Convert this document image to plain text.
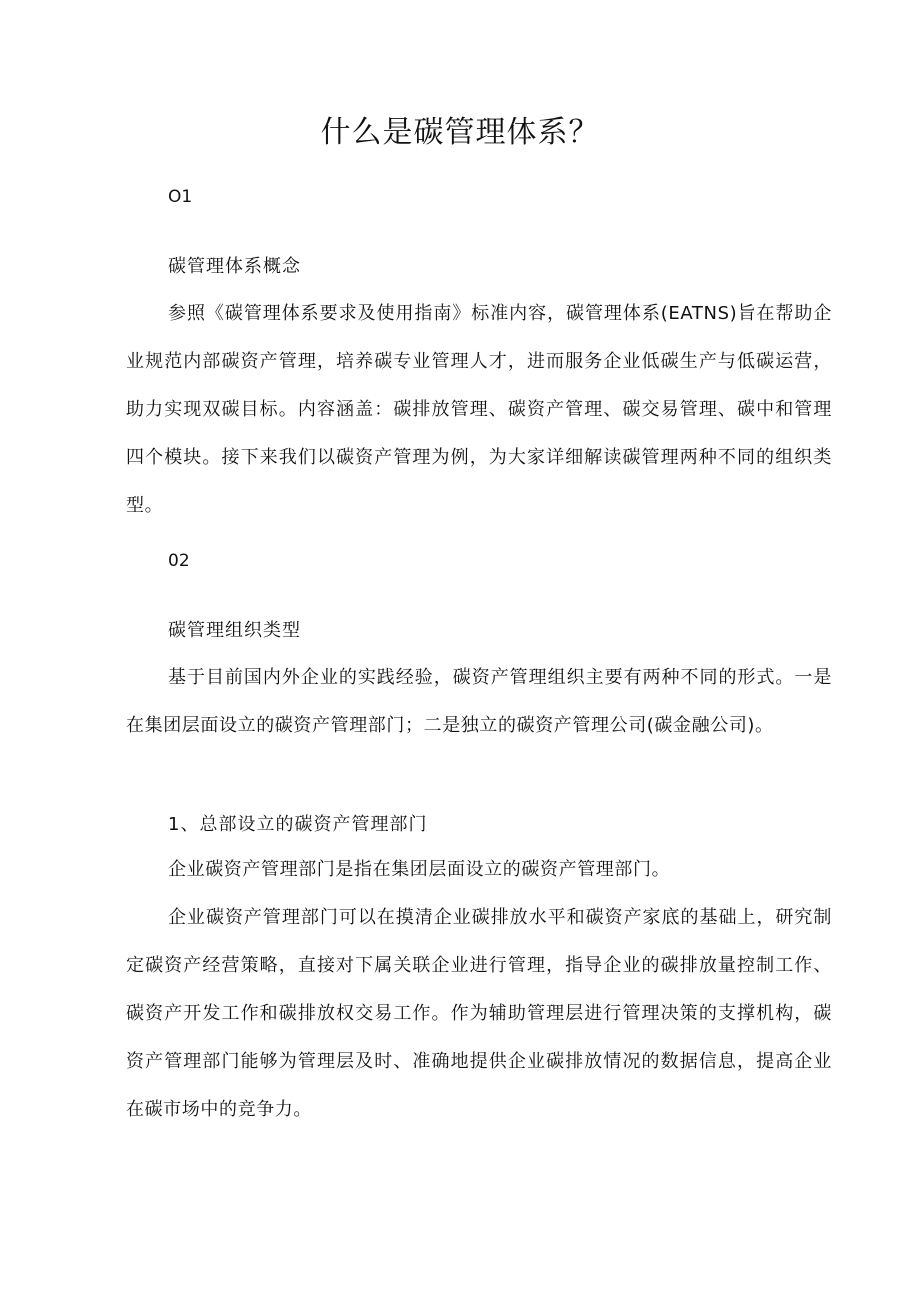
什么是碳管理体系？
O1
碳管理体系概念

参照《碳管理体系要求及使用指南》标准内容，碳管理体系(EATNS)旨在帮助企业规范内部碳资产管理，培养碳专业管理人才，进而服务企业低碳生产与低碳运营，助力实现双碳目标。内容涵盖：碳排放管理、碳资产管理、碳交易管理、碳中和管理四个模块。接下来我们以碳资产管理为例，为大家详细解读碳管理两种不同的组织类型。

02
碳管理组织类型

基于目前国内外企业的实践经验，碳资产管理组织主要有两种不同的形式。一是在集团层面设立的碳资产管理部门；二是独立的碳资产管理公司(碳金融公司)。

1、总部设立的碳资产管理部门

企业碳资产管理部门是指在集团层面设立的碳资产管理部门。

企业碳资产管理部门可以在摸清企业碳排放水平和碳资产家底的基础上，研究制定碳资产经营策略，直接对下属关联企业进行管理，指导企业的碳排放量控制工作、碳资产开发工作和碳排放权交易工作。作为辅助管理层进行管理决策的支撑机构，碳资产管理部门能够为管理层及时、准确地提供企业碳排放情况的数据信息，提高企业在碳市场中的竞争力。
